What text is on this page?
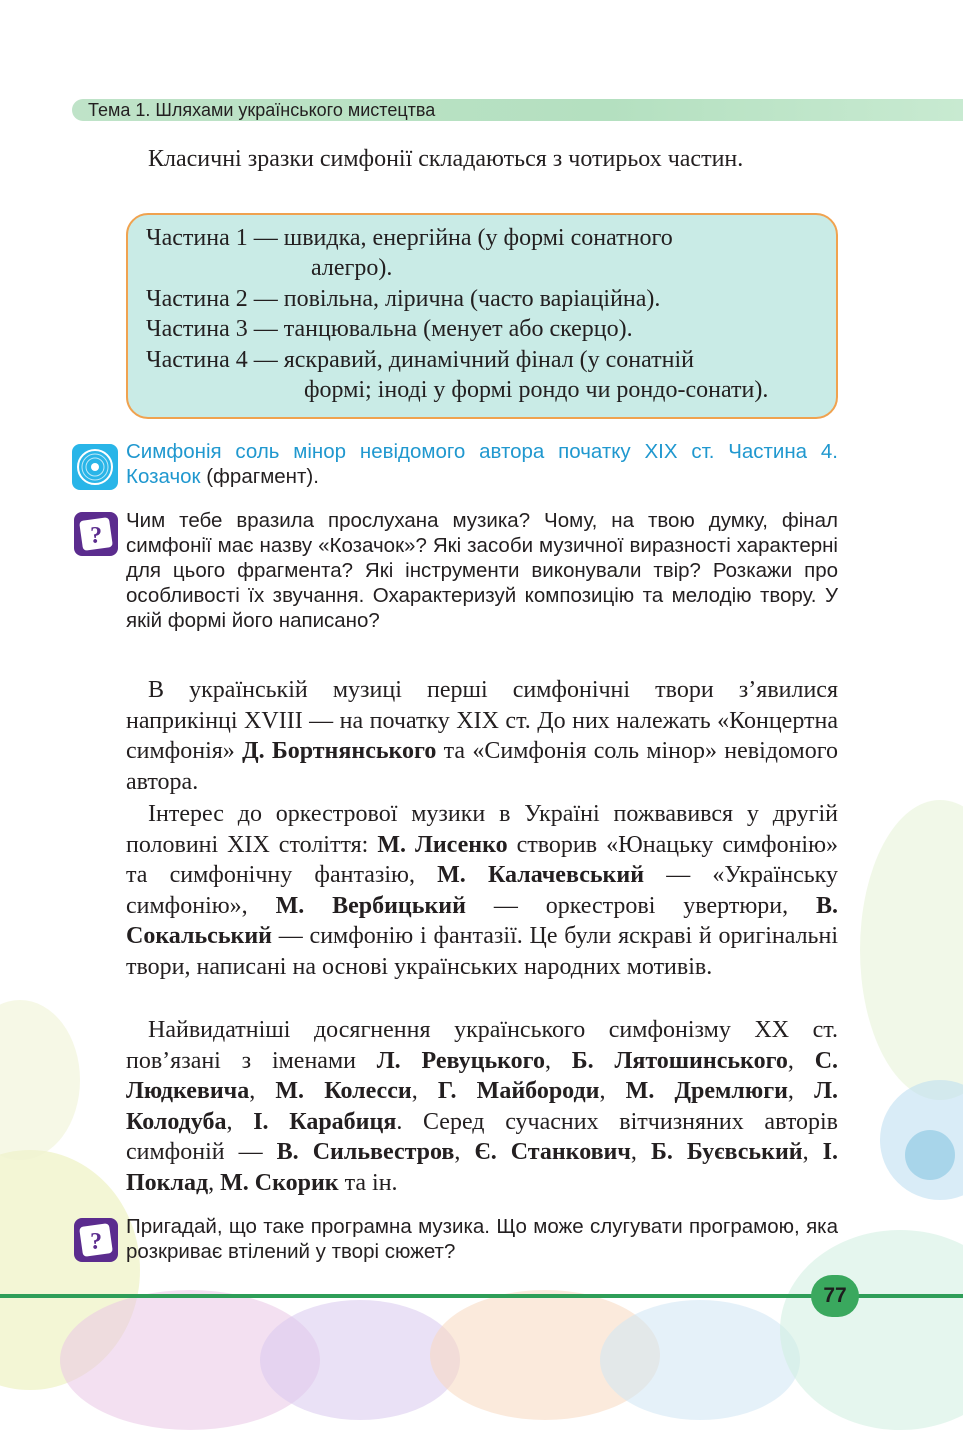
Тема 1. Шляхами українського мистецтва

Класичні зразки симфонії складаються з чотирьох частин.

Частина 1 — швидка, енергійна (у формі сонатного
алегро).
Частина 2 — повільна, лірична (часто варіаційна).
Частина 3 — танцювальна (менует або скерцо).
Частина 4 — яскравий, динамічний фінал (у сонатній
формі; іноді у формі рондо чи рондо-сонати).

Симфонія соль мінор невідомого автора початку XIX ст. Частина 4. Козачок (фрагмент).

?

Чим тебе вразила прослухана музика? Чому, на твою думку, фінал симфонії має назву «Козачок»? Які засоби музичної виразності характерні для цього фрагмента? Які інструменти виконували твір? Розкажи про особливості їх звучання. Охарактеризуй композицію та мелодію твору. У якій формі його написано?

В українській музиці перші симфонічні твори з’явилися наприкінці XVIII — на початку XIX ст. До них належать «Концертна симфонія» Д. Бортнянського та «Симфонія соль мінор» невідомого автора.

Інтерес до оркестрової музики в Україні пожвавився у другій половині XIX століття: М. Лисенко створив «Юнацьку симфонію» та симфонічну фантазію, М. Калачевський — «Українську симфонію», М. Вербицький — оркестрові увертюри, В. Сокальський — симфонію і фантазії. Це були яскраві й оригінальні твори, написані на основі українських народних мотивів.

Найвидатніші досягнення українського симфонізму XX ст. пов’язані з іменами Л. Ревуцького, Б. Лятошинського, С. Людкевича, М. Колесси, Г. Майбороди, М. Дремлюги, Л. Колодуба, І. Карабиця. Серед сучасних вітчизняних авторів симфоній — В. Сильвестров, Є. Станкович, Б. Буєвський, І. Поклад, М. Скорик та ін.

?

Пригадай, що таке програмна музика. Що може слугувати програмою, яка розкриває втілений у творі сюжет?

77
